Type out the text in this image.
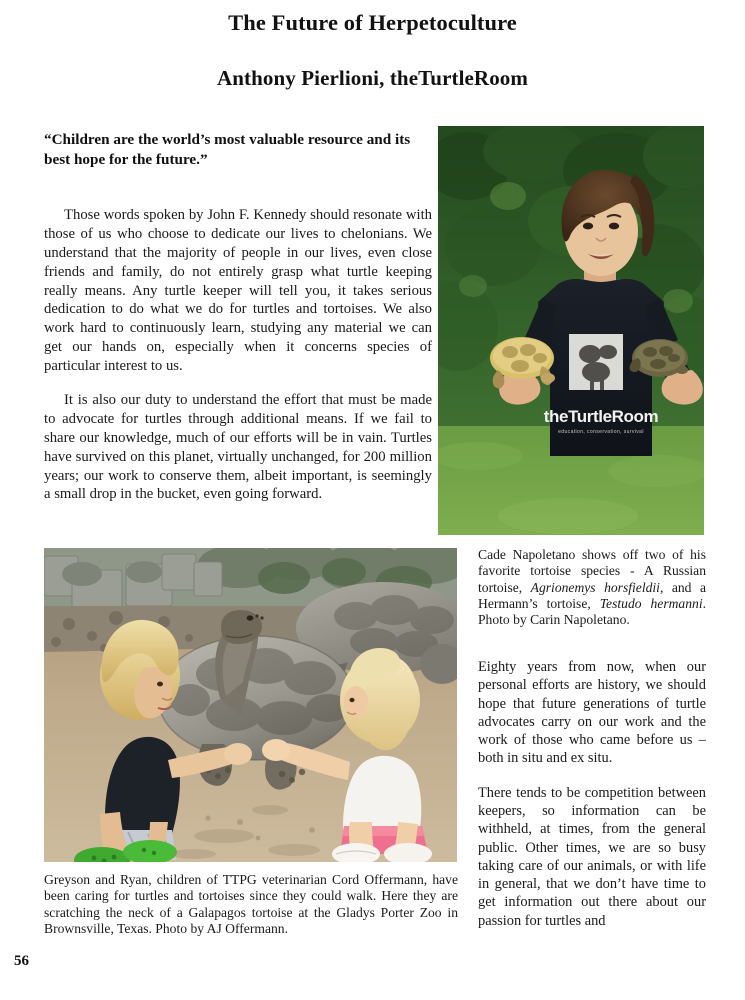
The Future of Herpetoculture
Anthony Pierlioni, theTurtleRoom
“Children are the world’s most valuable resource and its best hope for the future.”

Those words spoken by John F. Kennedy should resonate with those of us who choose to dedicate our lives to chelonians. We understand that the majority of people in our lives, even close friends and family, do not entirely grasp what turtle keeping really means. Any turtle keeper will tell you, it takes serious dedication to do what we do for turtles and tortoises. We also work hard to continuously learn, studying any material we can get our hands on, especially when it concerns species of particular interest to us.

It is also our duty to understand the effort that must be made to advocate for turtles through additional means. If we fail to share our knowledge, much of our efforts will be in vain. Turtles have survived on this planet, virtually unchanged, for 200 million years; our work to conserve them, albeit important, is seemingly a small drop in the bucket, even going forward.

theTurtleRoom
education, conservation, survival
Cade Napoletano shows off two of his favorite tortoise species - A Russian tortoise, Agrionemys horsfieldii, and a Hermann’s tortoise, Testudo hermanni. Photo by Carin Napoletano.

Eighty years from now, when our personal efforts are history, we should hope that future generations of turtle advocates carry on our work and the work of those who came before us – both in situ and ex situ.

There tends to be competition between keepers, so information can be withheld, at times, from the general public. Other times, we are so busy taking care of our animals, or with life in general, that we don’t have time to get information out there about our passion for turtles and

Greyson and Ryan, children of TTPG veterinarian Cord Offermann, have been caring for turtles and tortoises since they could walk. Here they are scratching the neck of a Galapagos tortoise at the Gladys Porter Zoo in Brownsville, Texas. Photo by AJ Offermann.
56
